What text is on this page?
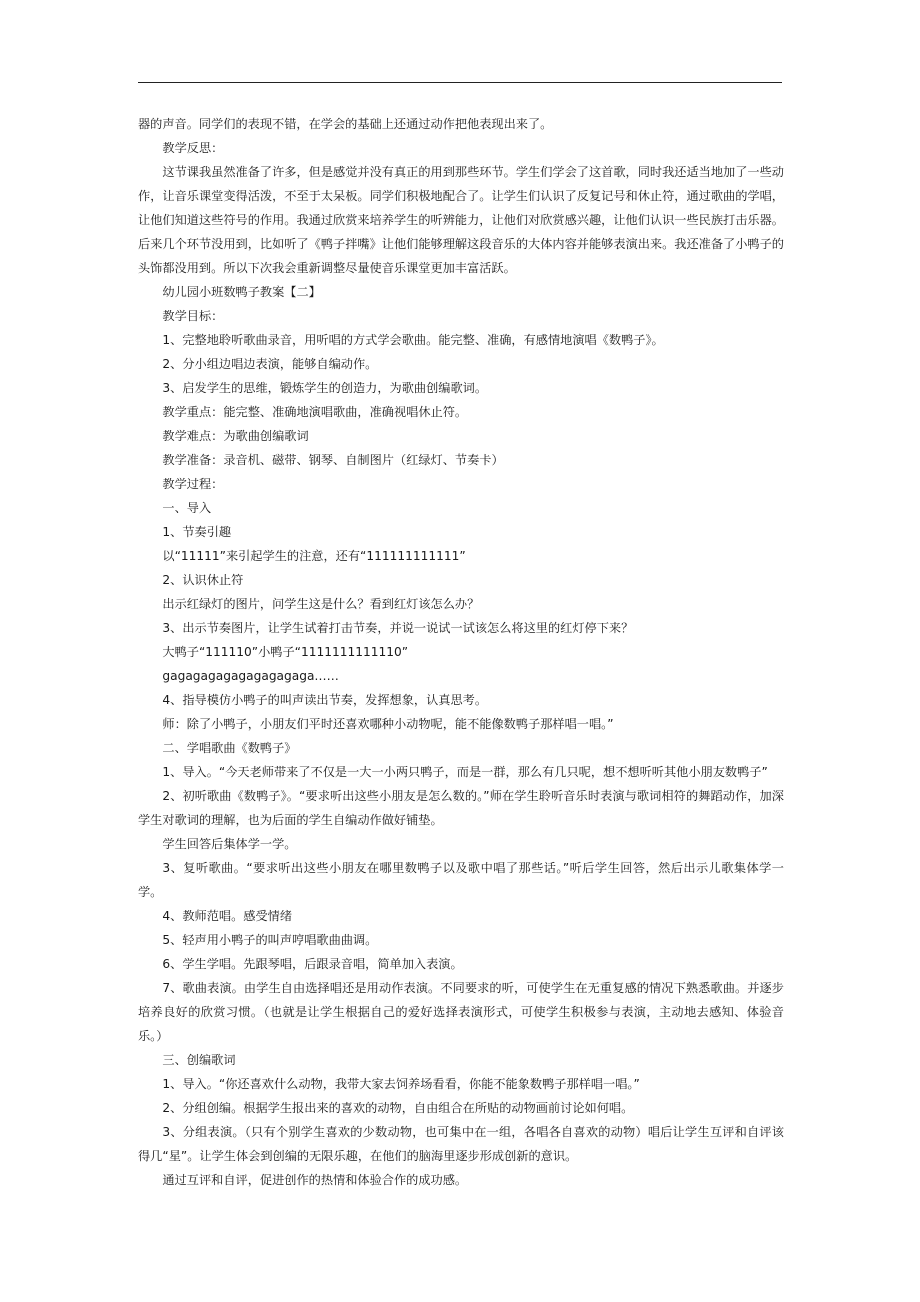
器的声音。同学们的表现不错，在学会的基础上还通过动作把他表现出来了。

教学反思：

这节课我虽然准备了许多，但是感觉并没有真正的用到那些环节。学生们学会了这首歌，同时我还适当地加了一些动作，让音乐课堂变得活泼，不至于太呆板。同学们积极地配合了。让学生们认识了反复记号和休止符，通过歌曲的学唱，让他们知道这些符号的作用。我通过欣赏来培养学生的听辨能力，让他们对欣赏感兴趣，让他们认识一些民族打击乐器。后来几个环节没用到，比如听了《鸭子拌嘴》让他们能够理解这段音乐的大体内容并能够表演出来。我还准备了小鸭子的头饰都没用到。所以下次我会重新调整尽量使音乐课堂更加丰富活跃。

幼儿园小班数鸭子教案【二】

教学目标：

1、完整地聆听歌曲录音，用听唱的方式学会歌曲。能完整、准确，有感情地演唱《数鸭子》。

2、分小组边唱边表演，能够自编动作。

3、启发学生的思维，锻炼学生的创造力，为歌曲创编歌词。

教学重点：能完整、准确地演唱歌曲，准确视唱休止符。

教学难点：为歌曲创编歌词

教学准备：录音机、磁带、钢琴、自制图片（红绿灯、节奏卡）

教学过程：

一、导入

1、节奏引趣

以“11111”来引起学生的注意，还有“111111111111”

2、认识休止符

出示红绿灯的图片，问学生这是什么？看到红灯该怎么办？

3、出示节奏图片，让学生试着打击节奏，并说一说试一试该怎么将这里的红灯停下来？

大鸭子“111110”小鸭子“1111111111110”

gagagagagagagagagaga……

4、指导模仿小鸭子的叫声读出节奏，发挥想象，认真思考。

师：除了小鸭子，小朋友们平时还喜欢哪种小动物呢，能不能像数鸭子那样唱一唱。”

二、学唱歌曲《数鸭子》

1、导入。“今天老师带来了不仅是一大一小两只鸭子，而是一群，那么有几只呢，想不想听听其他小朋友数鸭子”

2、初听歌曲《数鸭子》。“要求听出这些小朋友是怎么数的。”师在学生聆听音乐时表演与歌词相符的舞蹈动作，加深学生对歌词的理解，也为后面的学生自编动作做好铺垫。

学生回答后集体学一学。

3、复听歌曲。“要求听出这些小朋友在哪里数鸭子以及歌中唱了那些话。”听后学生回答，然后出示儿歌集体学一学。

4、教师范唱。感受情绪

5、轻声用小鸭子的叫声哼唱歌曲曲调。

6、学生学唱。先跟琴唱，后跟录音唱，简单加入表演。

7、歌曲表演。由学生自由选择唱还是用动作表演。不同要求的听，可使学生在无重复感的情况下熟悉歌曲。并逐步培养良好的欣赏习惯。（也就是让学生根据自己的爱好选择表演形式，可使学生积极参与表演，主动地去感知、体验音乐。）

三、创编歌词

1、导入。“你还喜欢什么动物，我带大家去饲养场看看，你能不能象数鸭子那样唱一唱。”

2、分组创编。根据学生报出来的喜欢的动物，自由组合在所贴的动物画前讨论如何唱。

3、分组表演。（只有个别学生喜欢的少数动物，也可集中在一组，各唱各自喜欢的动物）唱后让学生互评和自评该得几“星”。让学生体会到创编的无限乐趣，在他们的脑海里逐步形成创新的意识。

通过互评和自评，促进创作的热情和体验合作的成功感。
